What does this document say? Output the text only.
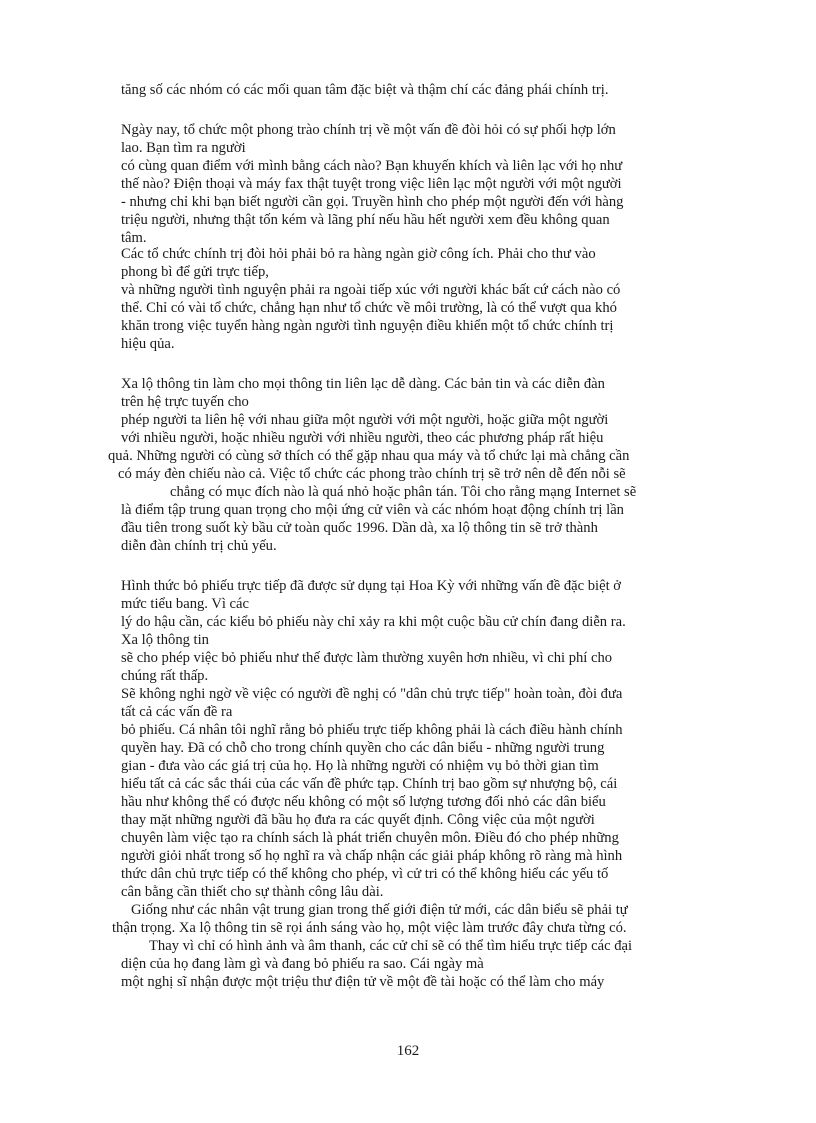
tăng số các nhóm có các mối quan tâm đặc biệt và thậm chí các đảng phái chính trị.
Ngày nay, tổ chức một phong trào chính trị về một vấn đề đòi hỏi có sự phối hợp lớn
lao. Bạn tìm ra người
có cùng quan điểm với mình bằng cách nào? Bạn khuyến khích và liên lạc với họ như
thế nào? Điện thoại và máy fax thật tuyệt trong việc liên lạc một người với một người
- nhưng chỉ khi bạn biết người cần gọi. Truyền hình cho phép một người đến với hàng
triệu người, nhưng thật tốn kém và lãng phí nếu hầu hết người xem đều không quan
tâm.
Các tổ chức chính trị đòi hỏi phải bỏ ra hàng ngàn giờ công ích. Phải cho thư vào
phong bì để gửi trực tiếp,
và những người tình nguyện phải ra ngoài tiếp xúc với người khác bất cứ cách nào có
thể. Chỉ có vài tổ chức, chẳng hạn như tổ chức về môi trường, là có thể vượt qua khó
khăn trong việc tuyển hàng ngàn người tình nguyện điều khiển một tổ chức chính trị
hiệu qủa.
Xa lộ thông tin làm cho mọi thông tin liên lạc dễ dàng. Các bản tin và các diễn đàn
trên hệ trực tuyến cho
phép người ta liên hệ với nhau giữa một người với một người, hoặc giữa một người
với nhiều người, hoặc nhiều người với nhiều người, theo các phương pháp rất hiệu
quả. Những người có cùng sở thích có thể gặp nhau qua máy và tổ chức lại mà chẳng cần
có máy đèn chiếu nào cả. Việc tổ chức các phong trào chính trị sẽ trở nên dễ đến nỗi sẽ
chẳng có mục đích nào là quá nhỏ hoặc phân tán. Tôi cho rằng mạng Internet sẽ
là điểm tập trung quan trọng cho mội ứng cử viên và các nhóm hoạt động chính trị lần
đầu tiên trong suốt kỳ bầu cử toàn quốc 1996. Dần dà, xa lộ thông tin sẽ trở thành
diễn đàn chính trị chủ yếu.
Hình thức bỏ phiếu trực tiếp đã được sử dụng tại Hoa Kỳ với những vấn đề đặc biệt ở
mức tiểu bang. Vì các
lý do hậu cần, các kiểu bỏ phiếu này chỉ xảy ra khi một cuộc bầu cử chín đang diễn ra.
Xa lộ thông tin
sẽ cho phép việc bỏ phiếu như thế được làm thường xuyên hơn nhiều, vì chi phí cho
chúng rất thấp.
Sẽ không nghi ngờ về việc có người đề nghị có "dân chủ trực tiếp" hoàn toàn, đòi đưa
tất cả các vấn đề ra
bỏ phiếu. Cá nhân tôi nghĩ rằng bỏ phiếu trực tiếp không phải là cách điều hành chính
quyền hay. Đã có chỗ cho trong chính quyền cho các dân biểu - những người trung
gian - đưa vào các giá trị của họ. Họ là những người có nhiệm vụ bỏ thời gian tìm
hiểu tất cả các sắc thái của các vấn đề phức tạp. Chính trị bao gồm sự nhượng bộ, cái
hầu như không thể có được nếu không có một số lượng tương đối nhỏ các dân biểu
thay mặt những người đã bầu họ đưa ra các quyết định. Công việc của một người
chuyên làm việc tạo ra chính sách là phát triển chuyên môn. Điều đó cho phép những
người giỏi nhất trong số họ nghĩ ra và chấp nhận các giải pháp không rõ ràng mà hình
thức dân chủ trực tiếp có thể không cho phép, vì cử tri có thể không hiểu các yếu tố
cân bằng cần thiết cho sự thành công lâu dài.
Giống như các nhân vật trung gian trong thế giới điện tử mới, các dân biểu sẽ phải tự
thận trọng. Xa lộ thông tin sẽ rọi ánh sáng vào họ, một việc làm trước đây chưa từng có.
Thay vì chỉ có hình ảnh và âm thanh, các cử chỉ sẽ có thể tìm hiểu trực tiếp các đại
diện của họ đang làm gì và đang bỏ phiếu ra sao. Cái ngày mà
một nghị sĩ nhận được một triệu thư điện tử về một đề tài hoặc có thể làm cho máy
162
